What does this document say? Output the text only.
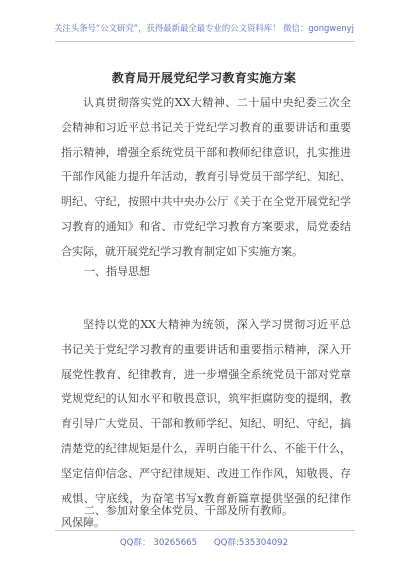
关注头条号“公文研究”，获得最新最全最专业的公文资料库！ 微信：gongwenyj
教育局开展党纪学习教育实施方案
认真贯彻落实党的XX大精神、二十届中央纪委三次全会精神和习近平总书记关于党纪学习教育的重要讲话和重要指示精神，增强全系统党员干部和教师纪律意识，扎实推进干部作风能力提升年活动，教育引导党员干部学纪、知纪、明纪、守纪，按照中共中央办公厅《关于在全党开展党纪学习教育的通知》和省、市党纪学习教育方案要求，局党委结合实际，就开展党纪学习教育制定如下实施方案。
一、指导思想
坚持以党的XX大精神为统领，深入学习贯彻习近平总书记关于党纪学习教育的重要讲话和重要指示精神，深入开展党性教育、纪律教育，进一步增强全系统党员干部对党章党规党纪的认知水平和敬畏意识，筑牢拒腐防变的提纲，教育引导广大党员、干部和教师学纪、知纪、明纪、守纪，搞清楚党的纪律规矩是什么，弄明白能干什么、不能干什么，坚定信仰信念、严守纪律规矩、改进工作作风，知敬畏、存戒惧、守底线，为奋笔书写x教育新篇章提供坚强的纪律作风保障。
二、参加对象全体党员、干部及所有教师。
QQ群： 30265665 QQ群:535304092
